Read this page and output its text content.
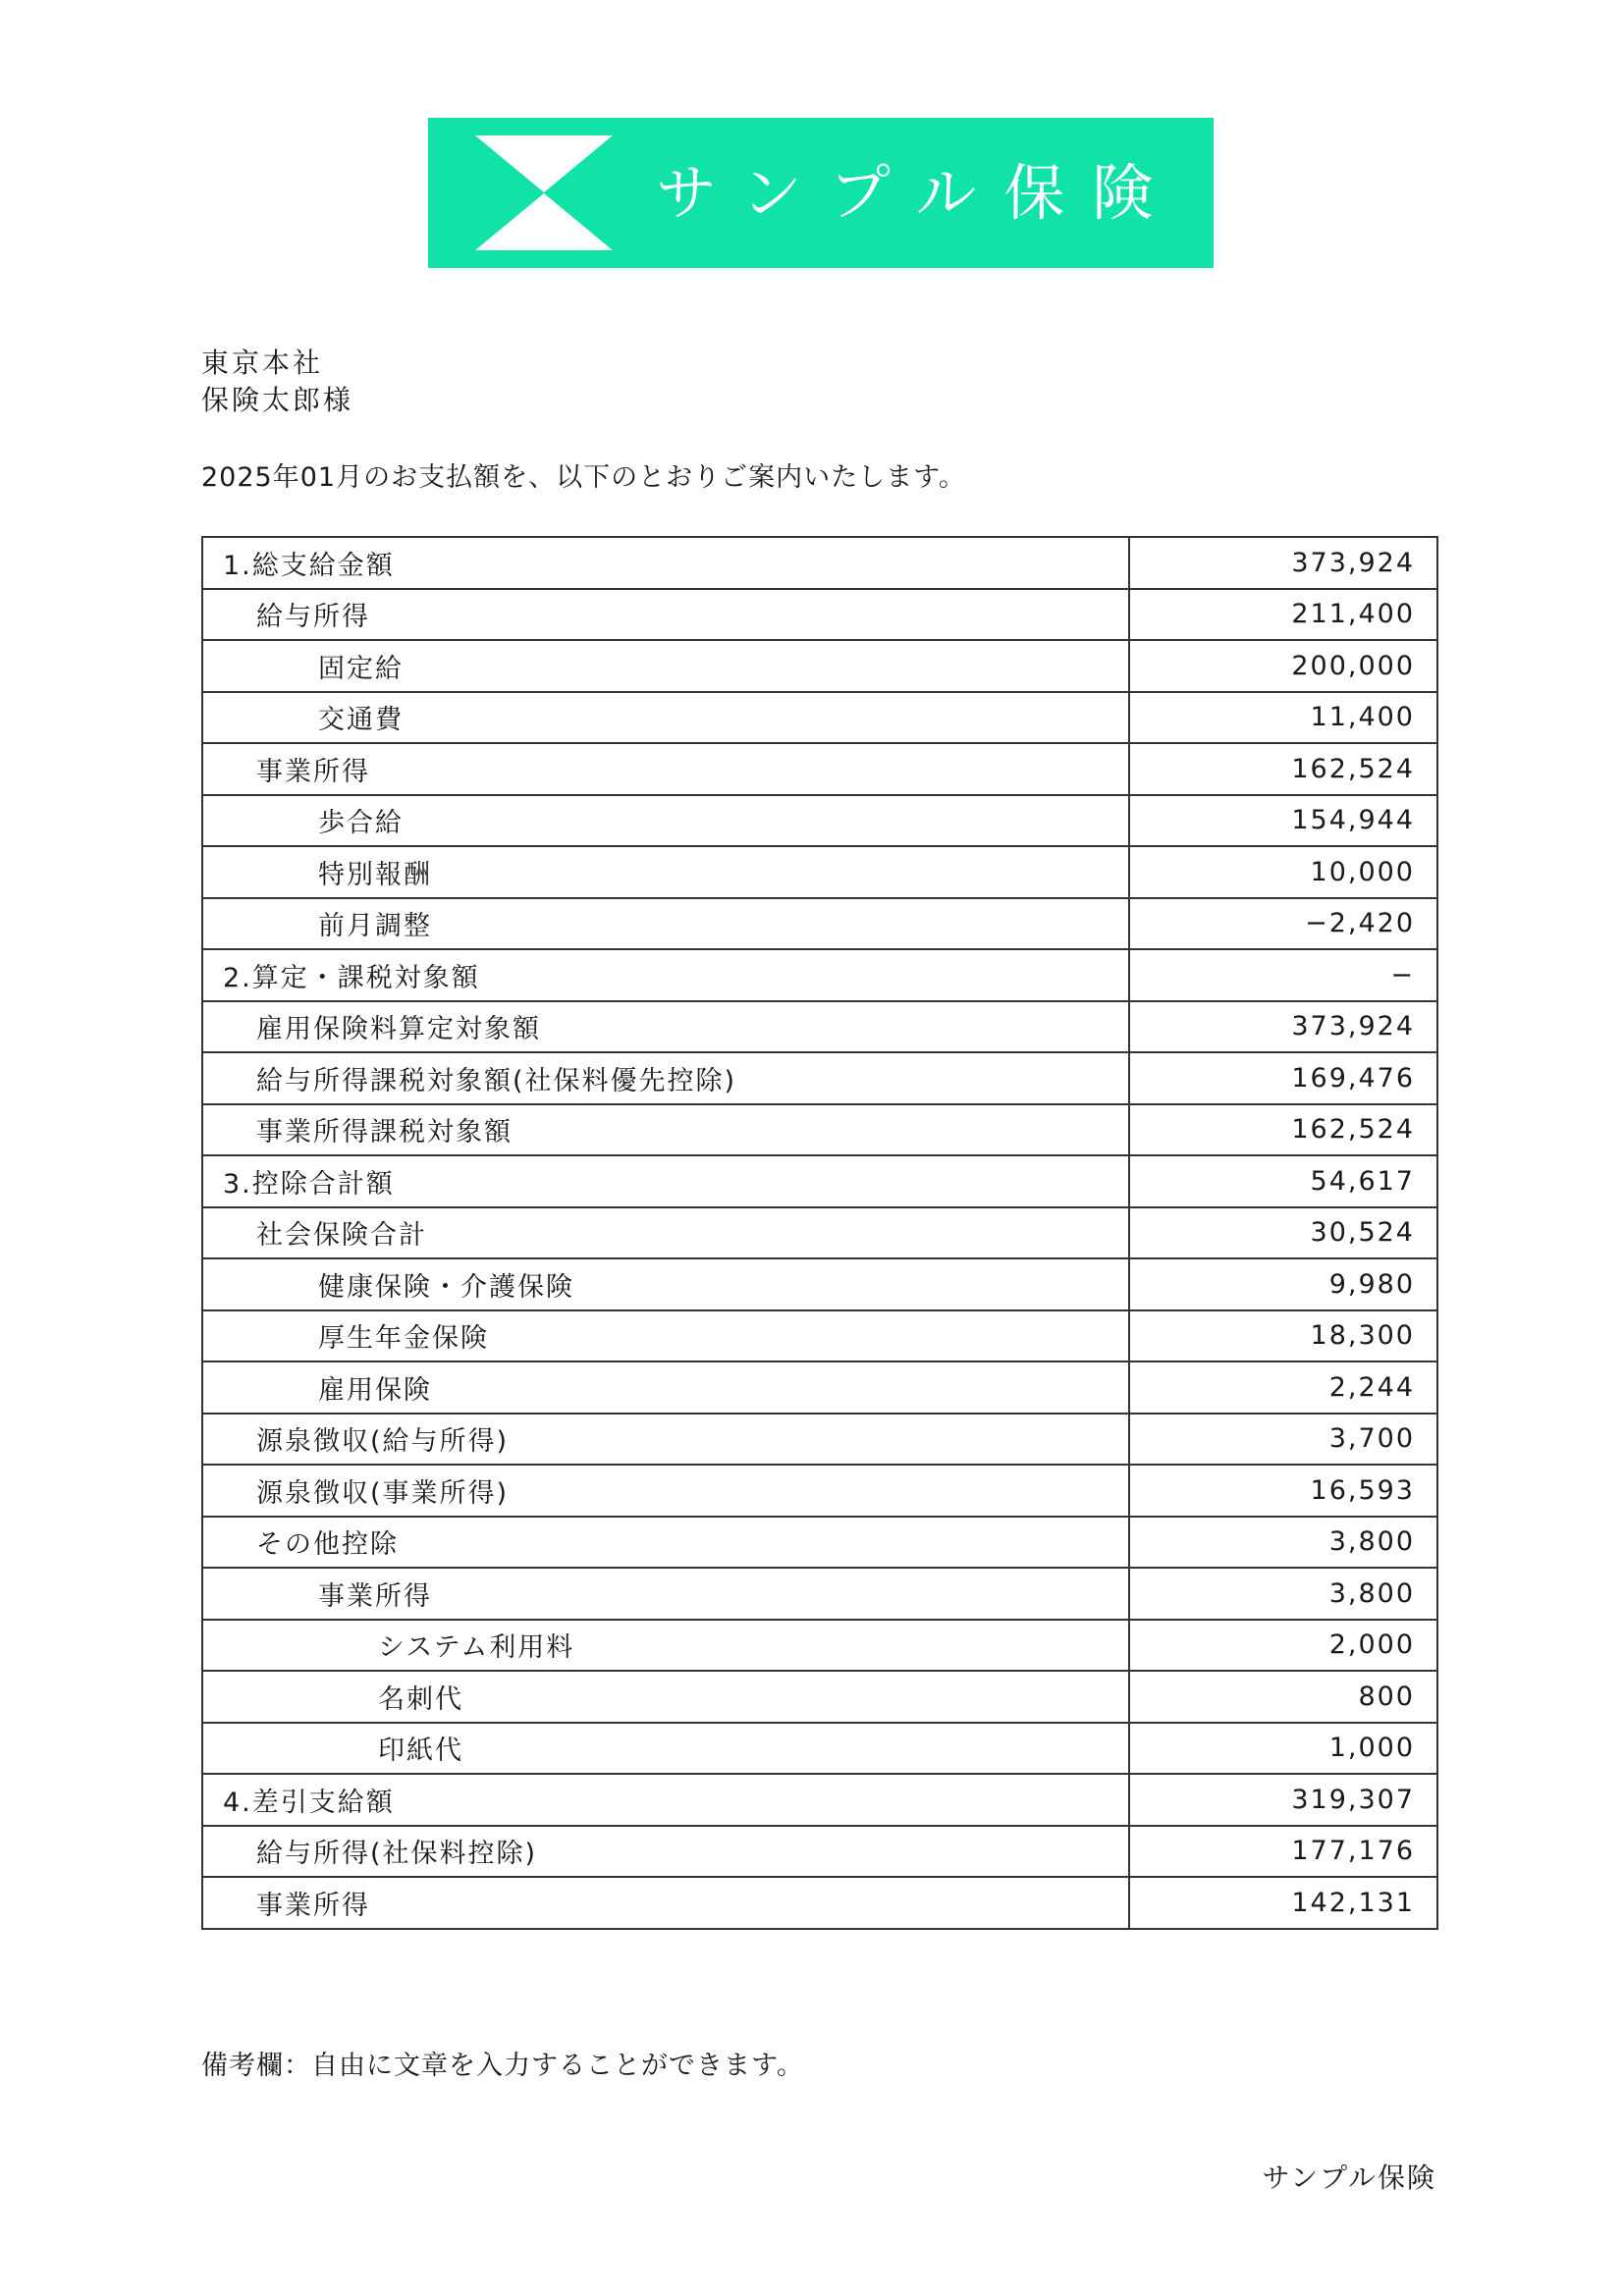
サンプル保険
東京本社
保険太郎様
2025年01月のお支払額を、以下のとおりご案内いたします。
1.総支給金額	373,924
給与所得	211,400
固定給	200,000
交通費	11,400
事業所得	162,524
歩合給	154,944
特別報酬	10,000
前月調整	−2,420
2.算定・課税対象額	−
雇用保険料算定対象額	373,924
給与所得課税対象額(社保料優先控除)	169,476
事業所得課税対象額	162,524
3.控除合計額	54,617
社会保険合計	30,524
健康保険・介護保険	9,980
厚生年金保険	18,300
雇用保険	2,244
源泉徴収(給与所得)	3,700
源泉徴収(事業所得)	16,593
その他控除	3,800
事業所得	3,800
システム利用料	2,000
名刺代	800
印紙代	1,000
4.差引支給額	319,307
給与所得(社保料控除)	177,176
事業所得	142,131
備考欄：自由に文章を入力することができます。
サンプル保険
